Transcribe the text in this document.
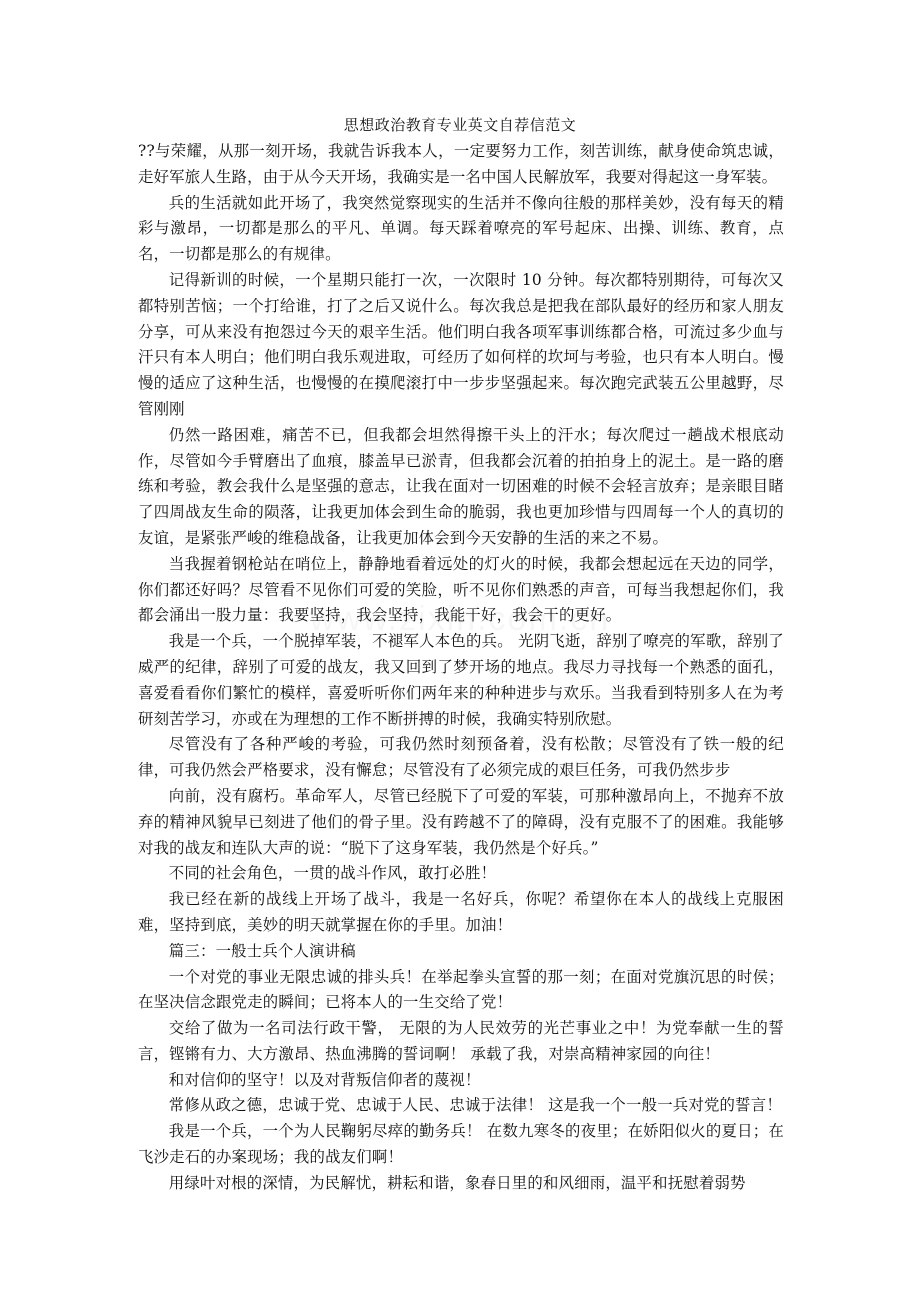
思想政治教育专业英文自荐信范文

??与荣耀，从那一刻开场，我就告诉我本人，一定要努力工作，刻苦训练，献身使命筑忠诚，走好军旅人生路，由于从今天开场，我确实是一名中国人民解放军，我要对得起这一身军装。

兵的生活就如此开场了，我突然觉察现实的生活并不像向往般的那样美妙，没有每天的精彩与激昂，一切都是那么的平凡、单调。每天踩着嘹亮的军号起床、出操、训练、教育，点名，一切都是那么的有规律。

记得新训的时候，一个星期只能打一次，一次限时 10 分钟。每次都特别期待，可每次又都特别苦恼；一个打给谁，打了之后又说什么。每次我总是把我在部队最好的经历和家人朋友分享，可从来没有抱怨过今天的艰辛生活。他们明白我各项军事训练都合格，可流过多少血与汗只有本人明白；他们明白我乐观进取，可经历了如何样的坎坷与考验，也只有本人明白。慢慢的适应了这种生活，也慢慢的在摸爬滚打中一步步坚强起来。每次跑完武装五公里越野，尽管刚刚

仍然一路困难，痛苦不已，但我都会坦然得擦干头上的汗水；每次爬过一趟战术根底动作，尽管如今手臂磨出了血痕，膝盖早已淤青，但我都会沉着的拍拍身上的泥土。是一路的磨练和考验，教会我什么是坚强的意志，让我在面对一切困难的时候不会轻言放弃；是亲眼目睹了四周战友生命的陨落，让我更加体会到生命的脆弱，我也更加珍惜与四周每一个人的真切的友谊，是紧张严峻的维稳战备，让我更加体会到今天安静的生活的来之不易。

当我握着钢枪站在哨位上，静静地看着远处的灯火的时候，我都会想起远在天边的同学，你们都还好吗？尽管看不见你们可爱的笑脸，听不见你们熟悉的声音，可每当我想起你们，我都会涌出一股力量：我要坚持，我会坚持，我能干好，我会干的更好。

我是一个兵，一个脱掉军装，不褪军人本色的兵。 光阴飞逝，辞别了嘹亮的军歌，辞别了威严的纪律，辞别了可爱的战友，我又回到了梦开场的地点。我尽力寻找每一个熟悉的面孔，喜爱看看你们繁忙的模样，喜爱听听你们两年来的种种进步与欢乐。当我看到特别多人在为考研刻苦学习，亦或在为理想的工作不断拼搏的时候，我确实特别欣慰。

尽管没有了各种严峻的考验，可我仍然时刻预备着，没有松散；尽管没有了铁一般的纪律，可我仍然会严格要求，没有懈怠；尽管没有了必须完成的艰巨任务，可我仍然步步

向前，没有腐朽。革命军人，尽管已经脱下了可爱的军装，可那种激昂向上，不抛弃不放弃的精神风貌早已刻进了他们的骨子里。没有跨越不了的障碍，没有克服不了的困难。我能够对我的战友和连队大声的说：“脱下了这身军装，我仍然是个好兵。”

不同的社会角色，一贯的战斗作风，敢打必胜！

我已经在新的战线上开场了战斗，我是一名好兵，你呢？希望你在本人的战线上克服困难，坚持到底，美妙的明天就掌握在你的手里。加油！

篇三：一般士兵个人演讲稿

一个对党的事业无限忠诚的排头兵！在举起拳头宣誓的那一刻；在面对党旗沉思的时侯；在坚决信念跟党走的瞬间；已将本人的一生交给了党！

交给了做为一名司法行政干警， 无限的为人民效劳的光芒事业之中！为党奉献一生的誓言，铿锵有力、大方激昂、热血沸腾的誓词啊！ 承载了我，对崇高精神家园的向往！

和对信仰的坚守！以及对背叛信仰者的蔑视！

常修从政之德，忠诚于党、忠诚于人民、忠诚于法律！ 这是我一个一般一兵对党的誓言！

我是一个兵，一个为人民鞠躬尽瘁的勤务兵！ 在数九寒冬的夜里；在娇阳似火的夏日；在飞沙走石的办案现场；我的战友们啊！

用绿叶对根的深情，为民解忧，耕耘和谐，象春日里的和风细雨，温平和抚慰着弱势
